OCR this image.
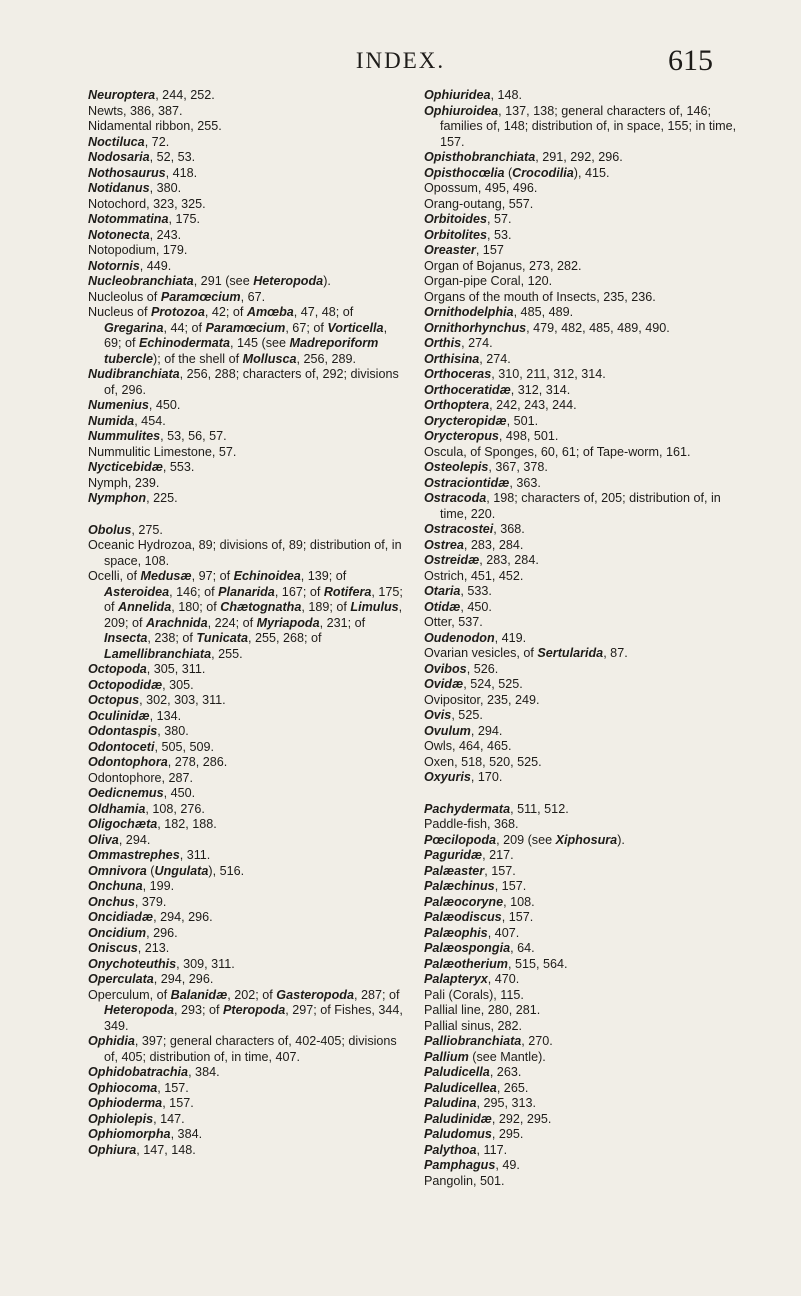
INDEX.	615
Neuroptera, 244, 252.
Newts, 386, 387.
Nidamental ribbon, 255.
Noctiluca, 72.
Nodosaria, 52, 53.
Nothosaurus, 418.
Notidanus, 380.
Notochord, 323, 325.
Notommatina, 175.
Notonecta, 243.
Notopodium, 179.
Notornis, 449.
Nucleobranchiata, 291 (see Heteropoda).
Nucleolus of Paramœcium, 67.
Nucleus of Protozoa, 42; of Amœba, 47, 48; of Gregarina, 44; of Paramœcium, 67; of Vorticella, 69; of Echinodermata, 145 (see Madreporiform tubercle); of the shell of Mollusca, 256, 289.
Nudibranchiata, 256, 288; characters of, 292; divisions of, 296.
Numenius, 450.
Numida, 454.
Nummulites, 53, 56, 57.
Nummulitic Limestone, 57.
Nycticebidæ, 553.
Nymph, 239.
Nymphon, 225.
Obolus, 275.
Oceanic Hydrozoa, 89; divisions of, 89; distribution of, in space, 108.
Ocelli, of Medusæ, 97; of Echinoidea, 139; of Asteroidea, 146; of Planarida, 167; of Rotifera, 175; of Annelida, 180; of Chætognatha, 189; of Limulus, 209; of Arachnida, 224; of Myriapoda, 231; of Insecta, 238; of Tunicata, 255, 268; of Lamellibranchiata, 255.
Octopoda, 305, 311.
Octopodidæ, 305.
Octopus, 302, 303, 311.
Oculinidæ, 134.
Odontaspis, 380.
Odontoceti, 505, 509.
Odontophora, 278, 286.
Odontophore, 287.
Oedicnemus, 450.
Oldhamia, 108, 276.
Oligochæta, 182, 188.
Oliva, 294.
Ommastrephes, 311.
Omnivora (Ungulata), 516.
Onchuna, 199.
Onchus, 379.
Oncidiadæ, 294, 296.
Oncidium, 296.
Oniscus, 213.
Onychoteuthis, 309, 311.
Operculata, 294, 296.
Operculum, of Balanidæ, 202; of Gasteropoda, 287; of Heteropoda, 293; of Pteropoda, 297; of Fishes, 344, 349.
Ophidia, 397; general characters of, 402-405; divisions of, 405; distribution of, in time, 407.
Ophidobatrachia, 384.
Ophiocoma, 157.
Ophioderma, 157.
Ophiolepis, 147.
Ophiomorpha, 384.
Ophiura, 147, 148.
Ophiuridea, 148.
Ophiuroidea, 137, 138; general characters of, 146; families of, 148; distribution of, in space, 155; in time, 157.
Opisthobranchiata, 291, 292, 296.
Opisthocœlia (Crocodilia), 415.
Opossum, 495, 496.
Orang-outang, 557.
Orbitoides, 57.
Orbitolites, 53.
Oreaster, 157
Organ of Bojanus, 273, 282.
Organ-pipe Coral, 120.
Organs of the mouth of Insects, 235, 236.
Ornithodelphia, 485, 489.
Ornithorhynchus, 479, 482, 485, 489, 490.
Orthis, 274.
Orthisina, 274.
Orthoceras, 310, 211, 312, 314.
Orthoceratidæ, 312, 314.
Orthoptera, 242, 243, 244.
Orycteropidæ, 501.
Orycteropus, 498, 501.
Oscula, of Sponges, 60, 61; of Tape-worm, 161.
Osteolepis, 367, 378.
Ostraciontidæ, 363.
Ostracoda, 198; characters of, 205; distribution of, in time, 220.
Ostracostei, 368.
Ostrea, 283, 284.
Ostreidæ, 283, 284.
Ostrich, 451, 452.
Otaria, 533.
Otidæ, 450.
Otter, 537.
Oudenodon, 419.
Ovarian vesicles, of Sertularida, 87.
Ovibos, 526.
Ovidæ, 524, 525.
Ovipositor, 235, 249.
Ovis, 525.
Ovulum, 294.
Owls, 464, 465.
Oxen, 518, 520, 525.
Oxyuris, 170.
Pachydermata, 511, 512.
Paddle-fish, 368.
Pœcilopoda, 209 (see Xiphosura).
Paguridæ, 217.
Palæaster, 157.
Palæchinus, 157.
Palæocoryne, 108.
Palæodiscus, 157.
Palæophis, 407.
Palæospongia, 64.
Palæotherium, 515, 564.
Palapteryx, 470.
Pali (Corals), 115.
Pallial line, 280, 281.
Pallial sinus, 282.
Palliobranchiata, 270.
Pallium (see Mantle).
Paludicella, 263.
Paludicellea, 265.
Paludina, 295, 313.
Paludinidæ, 292, 295.
Paludomus, 295.
Palythoa, 117.
Pamphagus, 49.
Pangolin, 501.
